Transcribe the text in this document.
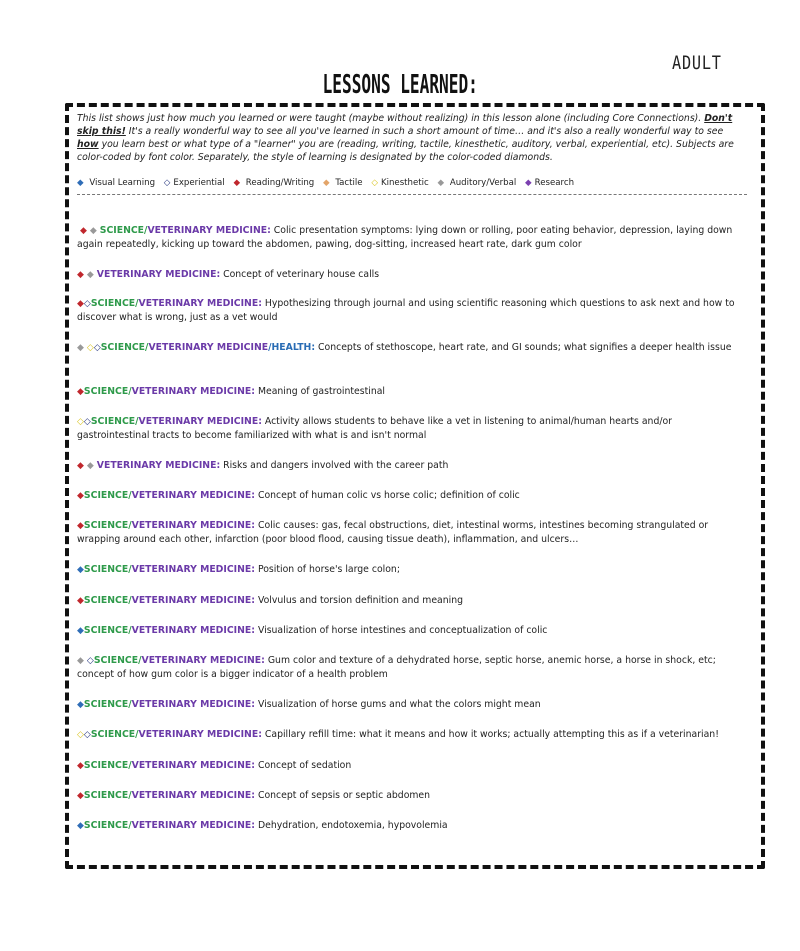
ADULT
LESSONS LEARNED:

This list shows just how much you learned or were taught (maybe without realizing) in this lesson alone (including Core Connections). Don't skip this! It's a really wonderful way to see all you've learned in such a short amount of time… and it's also a really wonderful way to see how you learn best or what type of a "learner" you are (reading, writing, tactile, kinesthetic, auditory, verbal, experiential, etc). Subjects are color-coded by font color. Separately, the style of learning is designated by the color-coded diamonds.

◆ Visual Learning ◇ Experiential ◆ Reading/Writing ◆ Tactile ◇ Kinesthetic ◆ Auditory/Verbal ◆ Research
◆ ◆ SCIENCE/VETERINARY MEDICINE: Colic presentation symptoms: lying down or rolling, poor eating behavior, depression, laying down again repeatedly, kicking up toward the abdomen, pawing, dog-sitting, increased heart rate, dark gum color
◆ ◆ VETERINARY MEDICINE: Concept of veterinary house calls
◆◇SCIENCE/VETERINARY MEDICINE: Hypothesizing through journal and using scientific reasoning which questions to ask next and how to discover what is wrong, just as a vet would
◆ ◇◇SCIENCE/VETERINARY MEDICINE/HEALTH: Concepts of stethoscope, heart rate, and GI sounds; what signifies a deeper health issue
◆SCIENCE/VETERINARY MEDICINE: Meaning of gastrointestinal
◇◇SCIENCE/VETERINARY MEDICINE: Activity allows students to behave like a vet in listening to animal/human hearts and/or gastrointestinal tracts to become familiarized with what is and isn't normal
◆ ◆ VETERINARY MEDICINE: Risks and dangers involved with the career path
◆SCIENCE/VETERINARY MEDICINE: Concept of human colic vs horse colic; definition of colic
◆SCIENCE/VETERINARY MEDICINE: Colic causes: gas, fecal obstructions, diet, intestinal worms, intestines becoming strangulated or wrapping around each other, infarction (poor blood flood, causing tissue death), inflammation, and ulcers…
◆SCIENCE/VETERINARY MEDICINE: Position of horse's large colon;
◆SCIENCE/VETERINARY MEDICINE: Volvulus and torsion definition and meaning
◆SCIENCE/VETERINARY MEDICINE: Visualization of horse intestines and conceptualization of colic
◆ ◇SCIENCE/VETERINARY MEDICINE: Gum color and texture of a dehydrated horse, septic horse, anemic horse, a horse in shock, etc; concept of how gum color is a bigger indicator of a health problem
◆SCIENCE/VETERINARY MEDICINE: Visualization of horse gums and what the colors might mean
◇◇SCIENCE/VETERINARY MEDICINE: Capillary refill time: what it means and how it works; actually attempting this as if a veterinarian!
◆SCIENCE/VETERINARY MEDICINE: Concept of sedation
◆SCIENCE/VETERINARY MEDICINE: Concept of sepsis or septic abdomen
◆SCIENCE/VETERINARY MEDICINE: Dehydration, endotoxemia, hypovolemia
